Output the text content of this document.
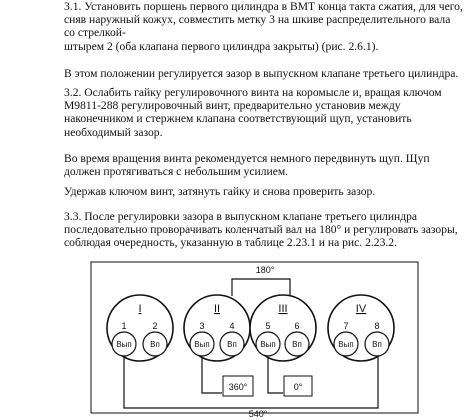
3.1. Установить поршень первого цилиндра в ВМТ конца такта сжатия, для чего,
сняв наружный кожух, совместить метку 3 на шкиве распределительного вала
со стрелкой-
штырем 2 (оба клапана первого цилиндра закрыты) (рис. 2.6.1).
В этом положении регулируется зазор в выпускном клапане третьего цилиндра.
3.2. Ослабить гайку регулировочного винта на коромысле и, вращая ключом
М9811-288 регулировочный винт, предварительно установив между
наконечником и стержнем клапана соответствующий щуп, установить
необходимый зазор.
Во время вращения винта рекомендуется немного передвинуть щуп. Щуп
должен протягиваться с небольшим усилием.
Удержав ключом винт, затянуть гайку и снова проверить зазор.
3.3. После регулировки зазора в выпускном клапане третьего цилиндра
последовательно проворачивать коленчатый вал на 180° и регулировать зазоры,
соблюдая очередность, указанную в таблице 2.23.1 и на рис. 2.23.2.
180°
360°	0°
540°
I
1	2
Вып Вп
II
3	4
Вып Вп
III
5	6
Вып Вп
IV
7	8
Вып Вп
